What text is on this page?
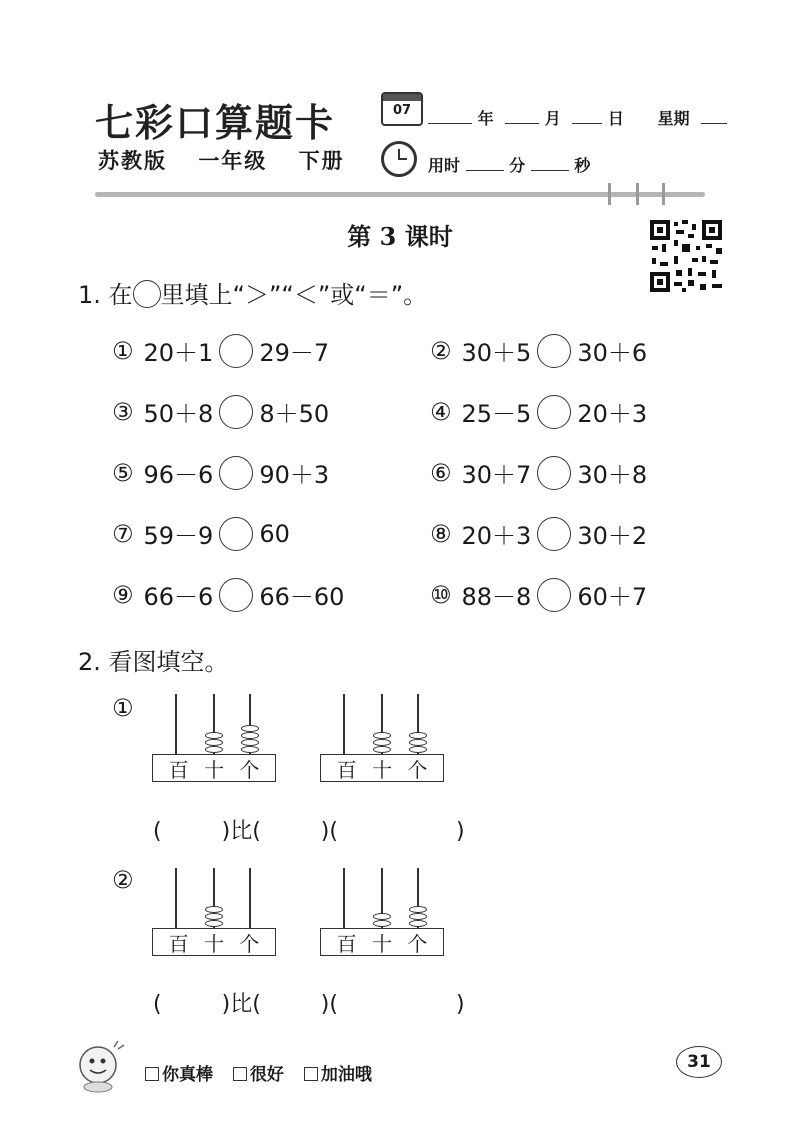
七彩口算题卡
苏教版 一年级 下册
07	年	月	日 星期
用时	分	秒
第 3 课时
1. 在 里填上“＞”“＜”或“＝”。
① 20＋1 29－7	② 30＋5 30＋6
③ 50＋8 8＋50	④ 25－5 20＋3
⑤ 96－6 90＋3	⑥ 30＋7 30＋8
⑦ 59－9 60	⑧ 20＋3 30＋2
⑨ 66－6 66－60	⑩ 88－8 60＋7
2. 看图填空。
①
②
百 十 个	百 十 个
百 十 个	百 十 个
(	)比(	)(	)
(	)比(	)(	)
你真棒 很好 加油哦
31
